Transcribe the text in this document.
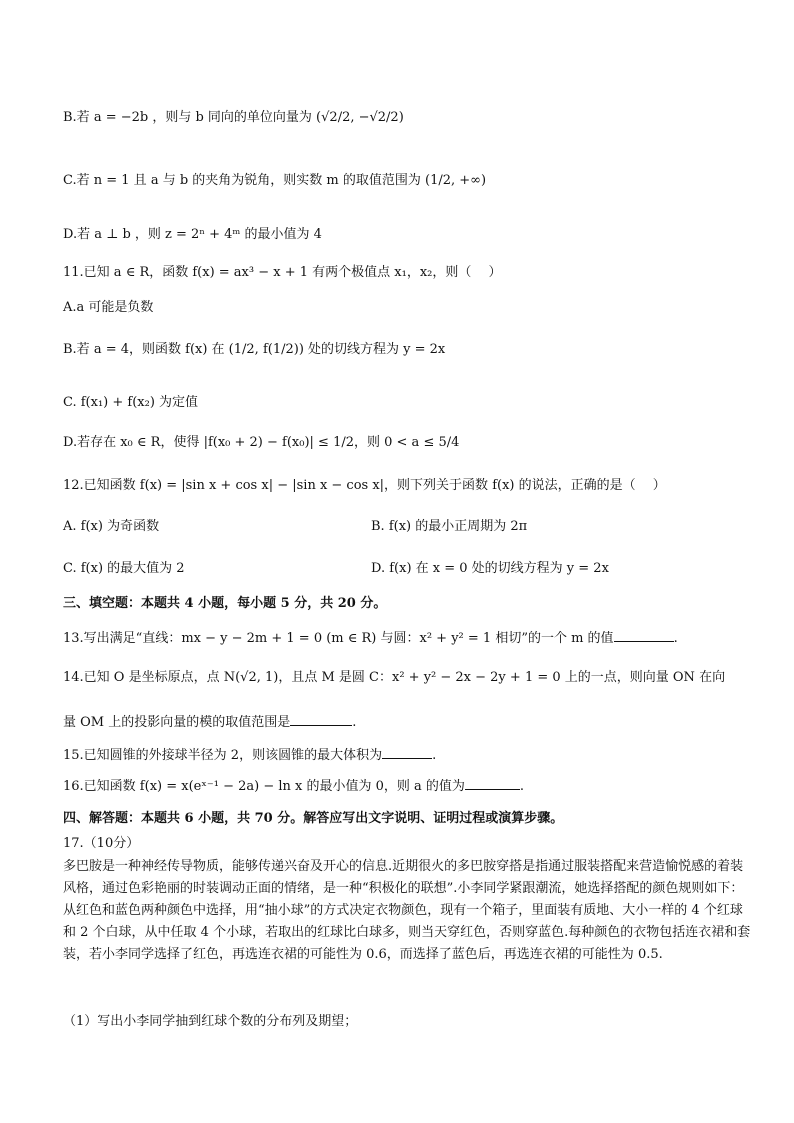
B.若 a = −2b ，则与 b 同向的单位向量为 (√2/2, −√2/2)
C.若 n = 1 且 a 与 b 的夹角为锐角，则实数 m 的取值范围为 (1/2, +∞)
D.若 a ⊥ b ，则 z = 2ⁿ + 4ᵐ 的最小值为 4
11.已知 a ∈ R，函数 f(x) = ax³ − x + 1 有两个极值点 x₁，x₂，则（　 ）
A.a 可能是负数
B.若 a = 4，则函数 f(x) 在 (1/2, f(1/2)) 处的切线方程为 y = 2x
C. f(x₁) + f(x₂) 为定值
D.若存在 x₀ ∈ R，使得 |f(x₀ + 2) − f(x₀)| ≤ 1/2，则 0 < a ≤ 5/4
12.已知函数 f(x) = |sin x + cos x| − |sin x − cos x|，则下列关于函数 f(x) 的说法，正确的是（　 ）
A. f(x) 为奇函数	B. f(x) 的最小正周期为 2π
C. f(x) 的最大值为 2	D. f(x) 在 x = 0 处的切线方程为 y = 2x
三、填空题：本题共 4 小题，每小题 5 分，共 20 分。
13.写出满足“直线：mx − y − 2m + 1 = 0 (m ∈ R) 与圆：x² + y² = 1 相切”的一个 m 的值	.
14.已知 O 是坐标原点，点 N(√2, 1)，且点 M 是圆 C：x² + y² − 2x − 2y + 1 = 0 上的一点，则向量 ON 在向
量 OM 上的投影向量的模的取值范围是	.
15.已知圆锥的外接球半径为 2，则该圆锥的最大体积为	.
16.已知函数 f(x) = x(eˣ⁻¹ − 2a) − ln x 的最小值为 0，则 a 的值为	.
四、解答题：本题共 6 小题，共 70 分。解答应写出文字说明、证明过程或演算步骤。
17.（10分）
多巴胺是一种神经传导物质，能够传递兴奋及开心的信息.近期很火的多巴胺穿搭是指通过服装搭配来营造愉悦感的着装风格，通过色彩艳丽的时装调动正面的情绪，是一种“积极化的联想”.小李同学紧跟潮流，她选择搭配的颜色规则如下：从红色和蓝色两种颜色中选择，用“抽小球”的方式决定衣物颜色，现有一个箱子，里面装有质地、大小一样的 4 个红球和 2 个白球，从中任取 4 个小球，若取出的红球比白球多，则当天穿红色，否则穿蓝色.每种颜色的衣物包括连衣裙和套装，若小李同学选择了红色，再选连衣裙的可能性为 0.6，而选择了蓝色后，再选连衣裙的可能性为 0.5.
（1）写出小李同学抽到红球个数的分布列及期望；
